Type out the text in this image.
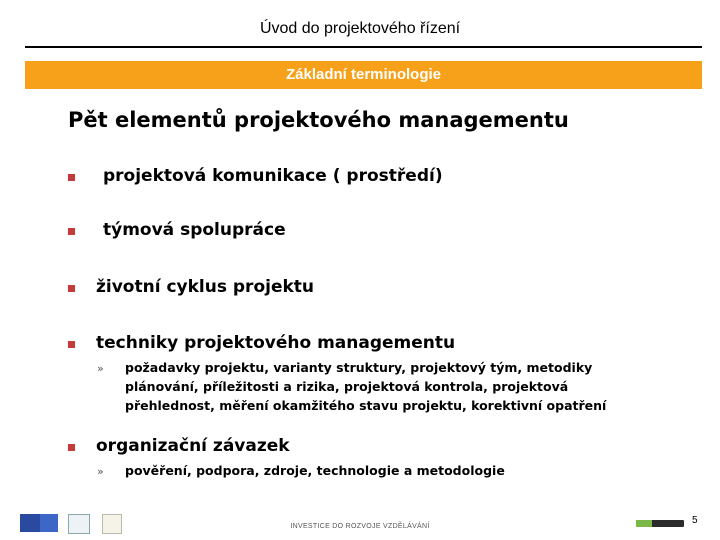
Úvod do projektového řízení
Základní terminologie
Pět elementů projektového managementu
projektová komunikace ( prostředí)
týmová spolupráce
životní cyklus projektu
techniky projektového managementu
» požadavky projektu, varianty struktury, projektový tým, metodiky plánování, příležitosti a rizika, projektová kontrola, projektová přehlednost, měření okamžitého stavu projektu, korektivní opatření
organizační závazek
» pověření, podpora, zdroje, technologie a metodologie
INVESTICE DO ROZVOJE VZDĚLÁVÁNÍ
5
